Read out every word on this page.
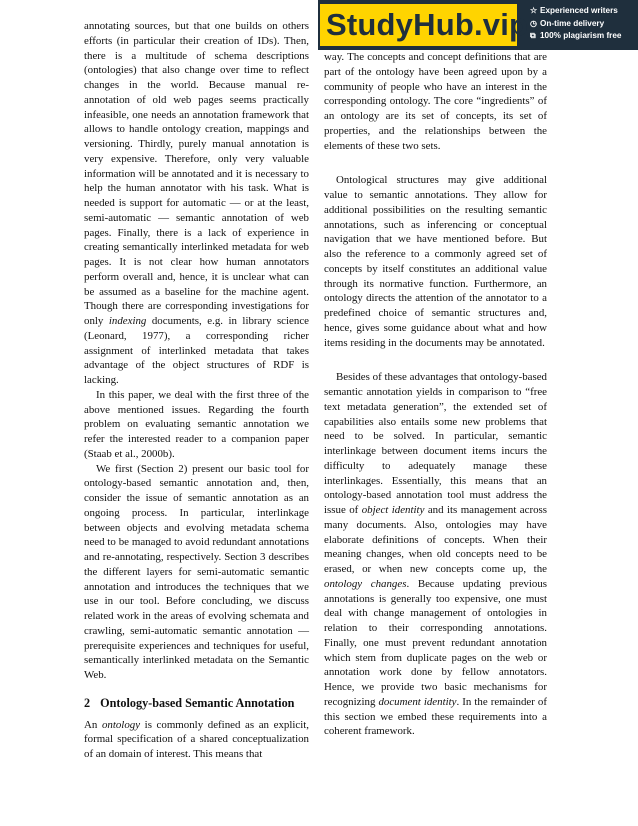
annotating sources, but that one builds on others efforts (in particular their creation of IDs). Then, there is a multitude of schema descriptions (ontologies) that also change over time to reflect changes in the world. Because manual re-annotation of old web pages seems practically infeasible, one needs an annotation framework that allows to handle ontology creation, mappings and versioning. Thirdly, purely manual annotation is very expensive. Therefore, only very valuable information will be annotated and it is necessary to help the human annotator with his task. What is needed is support for automatic — or at the least, semi-automatic — semantic annotation of web pages. Finally, there is a lack of experience in creating semantically interlinked metadata for web pages. It is not clear how human annotators perform overall and, hence, it is unclear what can be assumed as a baseline for the machine agent. Though there are corresponding investigations for only indexing documents, e.g. in library science (Leonard, 1977), a corresponding richer assignment of interlinked metadata that takes advantage of the object structures of RDF is lacking.

In this paper, we deal with the first three of the above mentioned issues. Regarding the fourth problem on evaluating semantic annotation we refer the interested reader to a companion paper (Staab et al., 2000b).

We first (Section 2) present our basic tool for ontology-based semantic annotation and, then, consider the issue of semantic annotation as an ongoing process. In particular, interlinkage between objects and evolving metadata schema need to be managed to avoid redundant annotations and re-annotating, respectively. Section 3 describes the different layers for semi-automatic semantic annotation and introduces the techniques that we use in our tool. Before concluding, we discuss related work in the areas of evolving schemata and crawling, semi-automatic semantic annotation — prerequisite experiences and techniques for useful, semantically interlinked metadata on the Semantic Web.

2 Ontology-based Semantic Annotation

An ontology is commonly defined as an explicit, formal specification of a shared conceptualization of an domain of interest. This means that

way. The concepts and concept definitions that are part of the ontology have been agreed upon by a community of people who have an interest in the corresponding ontology. The core “ingredients” of an ontology are its set of concepts, its set of properties, and the relationships between the elements of these two sets.

Ontological structures may give additional value to semantic annotations. They allow for additional possibilities on the resulting semantic annotations, such as inferencing or conceptual navigation that we have mentioned before. But also the reference to a commonly agreed set of concepts by itself constitutes an additional value through its normative function. Furthermore, an ontology directs the attention of the annotator to a predefined choice of semantic structures and, hence, gives some guidance about what and how items residing in the documents may be annotated.

Besides of these advantages that ontology-based semantic annotation yields in comparison to “free text metadata generation”, the extended set of capabilities also entails some new problems that need to be solved. In particular, semantic interlinkage between document items incurs the difficulty to adequately manage these interlinkages. Essentially, this means that an ontology-based annotation tool must address the issue of object identity and its management across many documents. Also, ontologies may have elaborate definitions of concepts. When their meaning changes, when old concepts need to be erased, or when new concepts come up, the ontology changes. Because updating previous annotations is generally too expensive, one must deal with change management of ontologies in relation to their corresponding annotations. Finally, one must prevent redundant annotation which stem from duplicate pages on the web or annotation work done by fellow annotators. Hence, we provide two basic mechanisms for recognizing document identity. In the remainder of this section we embed these requirements into a coherent framework.

StudyHub.vip ☆ Experienced writers
◷ On-time delivery
⧉ 100% plagiarism free
